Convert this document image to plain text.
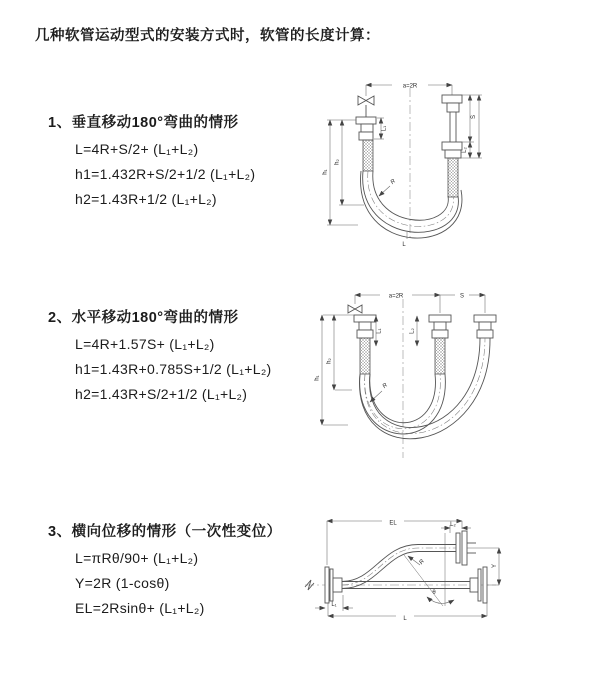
几种软管运动型式的安装方式时，软管的长度计算：
1、垂直移动180°弯曲的情形
L=4R+S/2+ (L₁+L₂)
h1=1.432R+S/2+1/2 (L₁+L₂)
h2=1.43R+1/2 (L₁+L₂)
a=2R
R
L₁
h₁
h₂
S
L₂
L
2、水平移动180°弯曲的情形
L=4R+1.57S+ (L₁+L₂)
h1=1.43R+0.785S+1/2 (L₁+L₂)
h2=1.43R+S/2+1/2 (L₁+L₂)
a=2R	S
R
h₁
h₂
L₁	L₂
3、横向位移的情形（一次性变位）
L=πRθ/90+ (L₁+L₂)
Y=2R (1-cosθ)
EL=2Rsinθ+ (L₁+L₂)
EL	L₂
Y
R
θ
L
L₁
